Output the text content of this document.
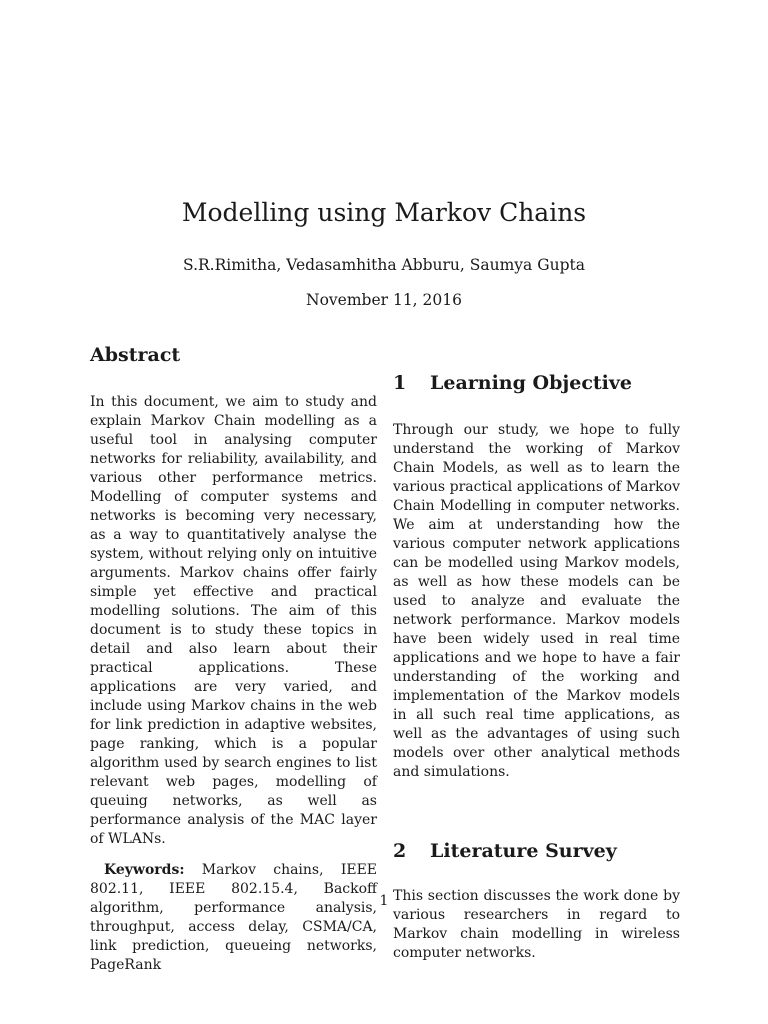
Modelling using Markov Chains

S.R.Rimitha, Vedasamhitha Abburu, Saumya Gupta

November 11, 2016

Abstract

In this document, we aim to study and explain Markov Chain modelling as a useful tool in analysing computer networks for reliability, availability, and various other performance metrics. Modelling of computer systems and networks is becoming very necessary, as a way to quantitatively analyse the system, without relying only on intuitive arguments. Markov chains offer fairly simple yet effective and practical modelling solutions. The aim of this document is to study these topics in detail and also learn about their practical applications. These applications are very varied, and include using Markov chains in the web for link prediction in adaptive websites, page ranking, which is a popular algorithm used by search engines to list relevant web pages, modelling of queuing networks, as well as performance analysis of the MAC layer of WLANs.

Keywords: Markov chains, IEEE 802.11, IEEE 802.15.4, Backoff algorithm, performance analysis, throughput, access delay, CSMA/CA, link prediction, queueing networks, PageRank

1	Learning Objective

Through our study, we hope to fully understand the working of Markov Chain Models, as well as to learn the various practical applications of Markov Chain Modelling in computer networks. We aim at understanding how the various computer network applications can be modelled using Markov models, as well as how these models can be used to analyze and evaluate the network performance. Markov models have been widely used in real time applications and we hope to have a fair understanding of the working and implementation of the Markov models in all such real time applications, as well as the advantages of using such models over other analytical methods and simulations.

2	Literature Survey

This section discusses the work done by various researchers in regard to Markov chain modelling in wireless computer networks.

1
